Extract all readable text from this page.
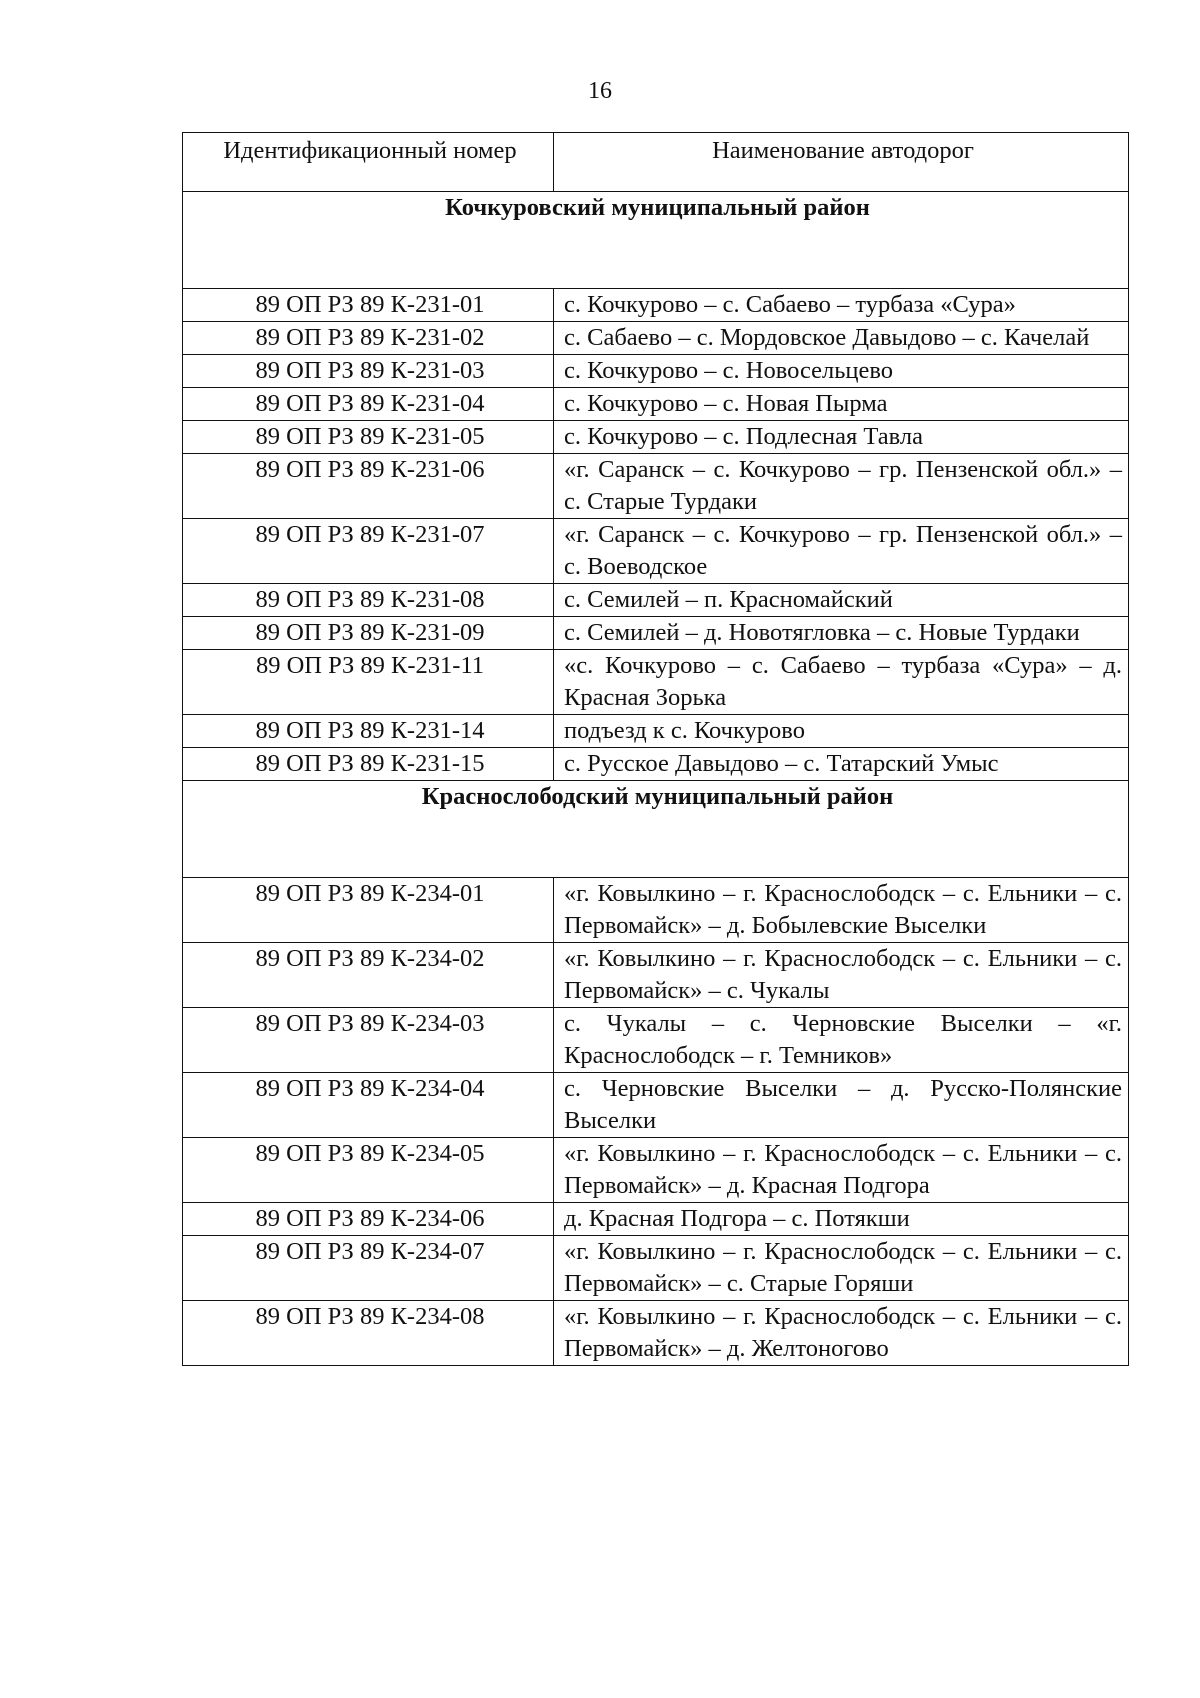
16
Идентификационный номер	Наименование автодорог
Кочкуровский муниципальный район	
89 ОП РЗ 89 К-231-01	с. Кочкурово – с. Сабаево – турбаза «Сура»
89 ОП РЗ 89 К-231-02	с. Сабаево – с. Мордовское Давыдово – с. Качелай
89 ОП РЗ 89 К-231-03	с. Кочкурово – с. Новосельцево
89 ОП РЗ 89 К-231-04	с. Кочкурово – с. Новая Пырма
89 ОП РЗ 89 К-231-05	с. Кочкурово – с. Подлесная Тавла
89 ОП РЗ 89 К-231-06	«г. Саранск – с. Кочкурово – гр. Пензенской обл.» – с. Старые Турдаки
89 ОП РЗ 89 К-231-07	«г. Саранск – с. Кочкурово – гр. Пензенской обл.» – с. Воеводское
89 ОП РЗ 89 К-231-08	с. Семилей – п. Красномайский
89 ОП РЗ 89 К-231-09	с. Семилей – д. Новотягловка – с. Новые Турдаки
89 ОП РЗ 89 К-231-11	«с. Кочкурово – с. Сабаево – турбаза «Сура» – д. Красная Зорька
89 ОП РЗ 89 К-231-14	подъезд к с. Кочкурово
89 ОП РЗ 89 К-231-15	с. Русское Давыдово – с. Татарский Умыс
Краснослободский муниципальный район	
89 ОП РЗ 89 К-234-01	«г. Ковылкино – г. Краснослободск – с. Ельники – с. Первомайск» – д. Бобылевские Выселки
89 ОП РЗ 89 К-234-02	«г. Ковылкино – г. Краснослободск – с. Ельники – с. Первомайск» – с. Чукалы
89 ОП РЗ 89 К-234-03	с. Чукалы – с. Черновские Выселки – «г. Краснослободск – г. Темников»
89 ОП РЗ 89 К-234-04	с. Черновские Выселки – д. Русско-Полянские Выселки
89 ОП РЗ 89 К-234-05	«г. Ковылкино – г. Краснослободск – с. Ельники – с. Первомайск» – д. Красная Подгора
89 ОП РЗ 89 К-234-06	д. Красная Подгора – с. Потякши
89 ОП РЗ 89 К-234-07	«г. Ковылкино – г. Краснослободск – с. Ельники – с. Первомайск» – с. Старые Горяши
89 ОП РЗ 89 К-234-08	«г. Ковылкино – г. Краснослободск – с. Ельники – с. Первомайск» – д. Желтоногово
